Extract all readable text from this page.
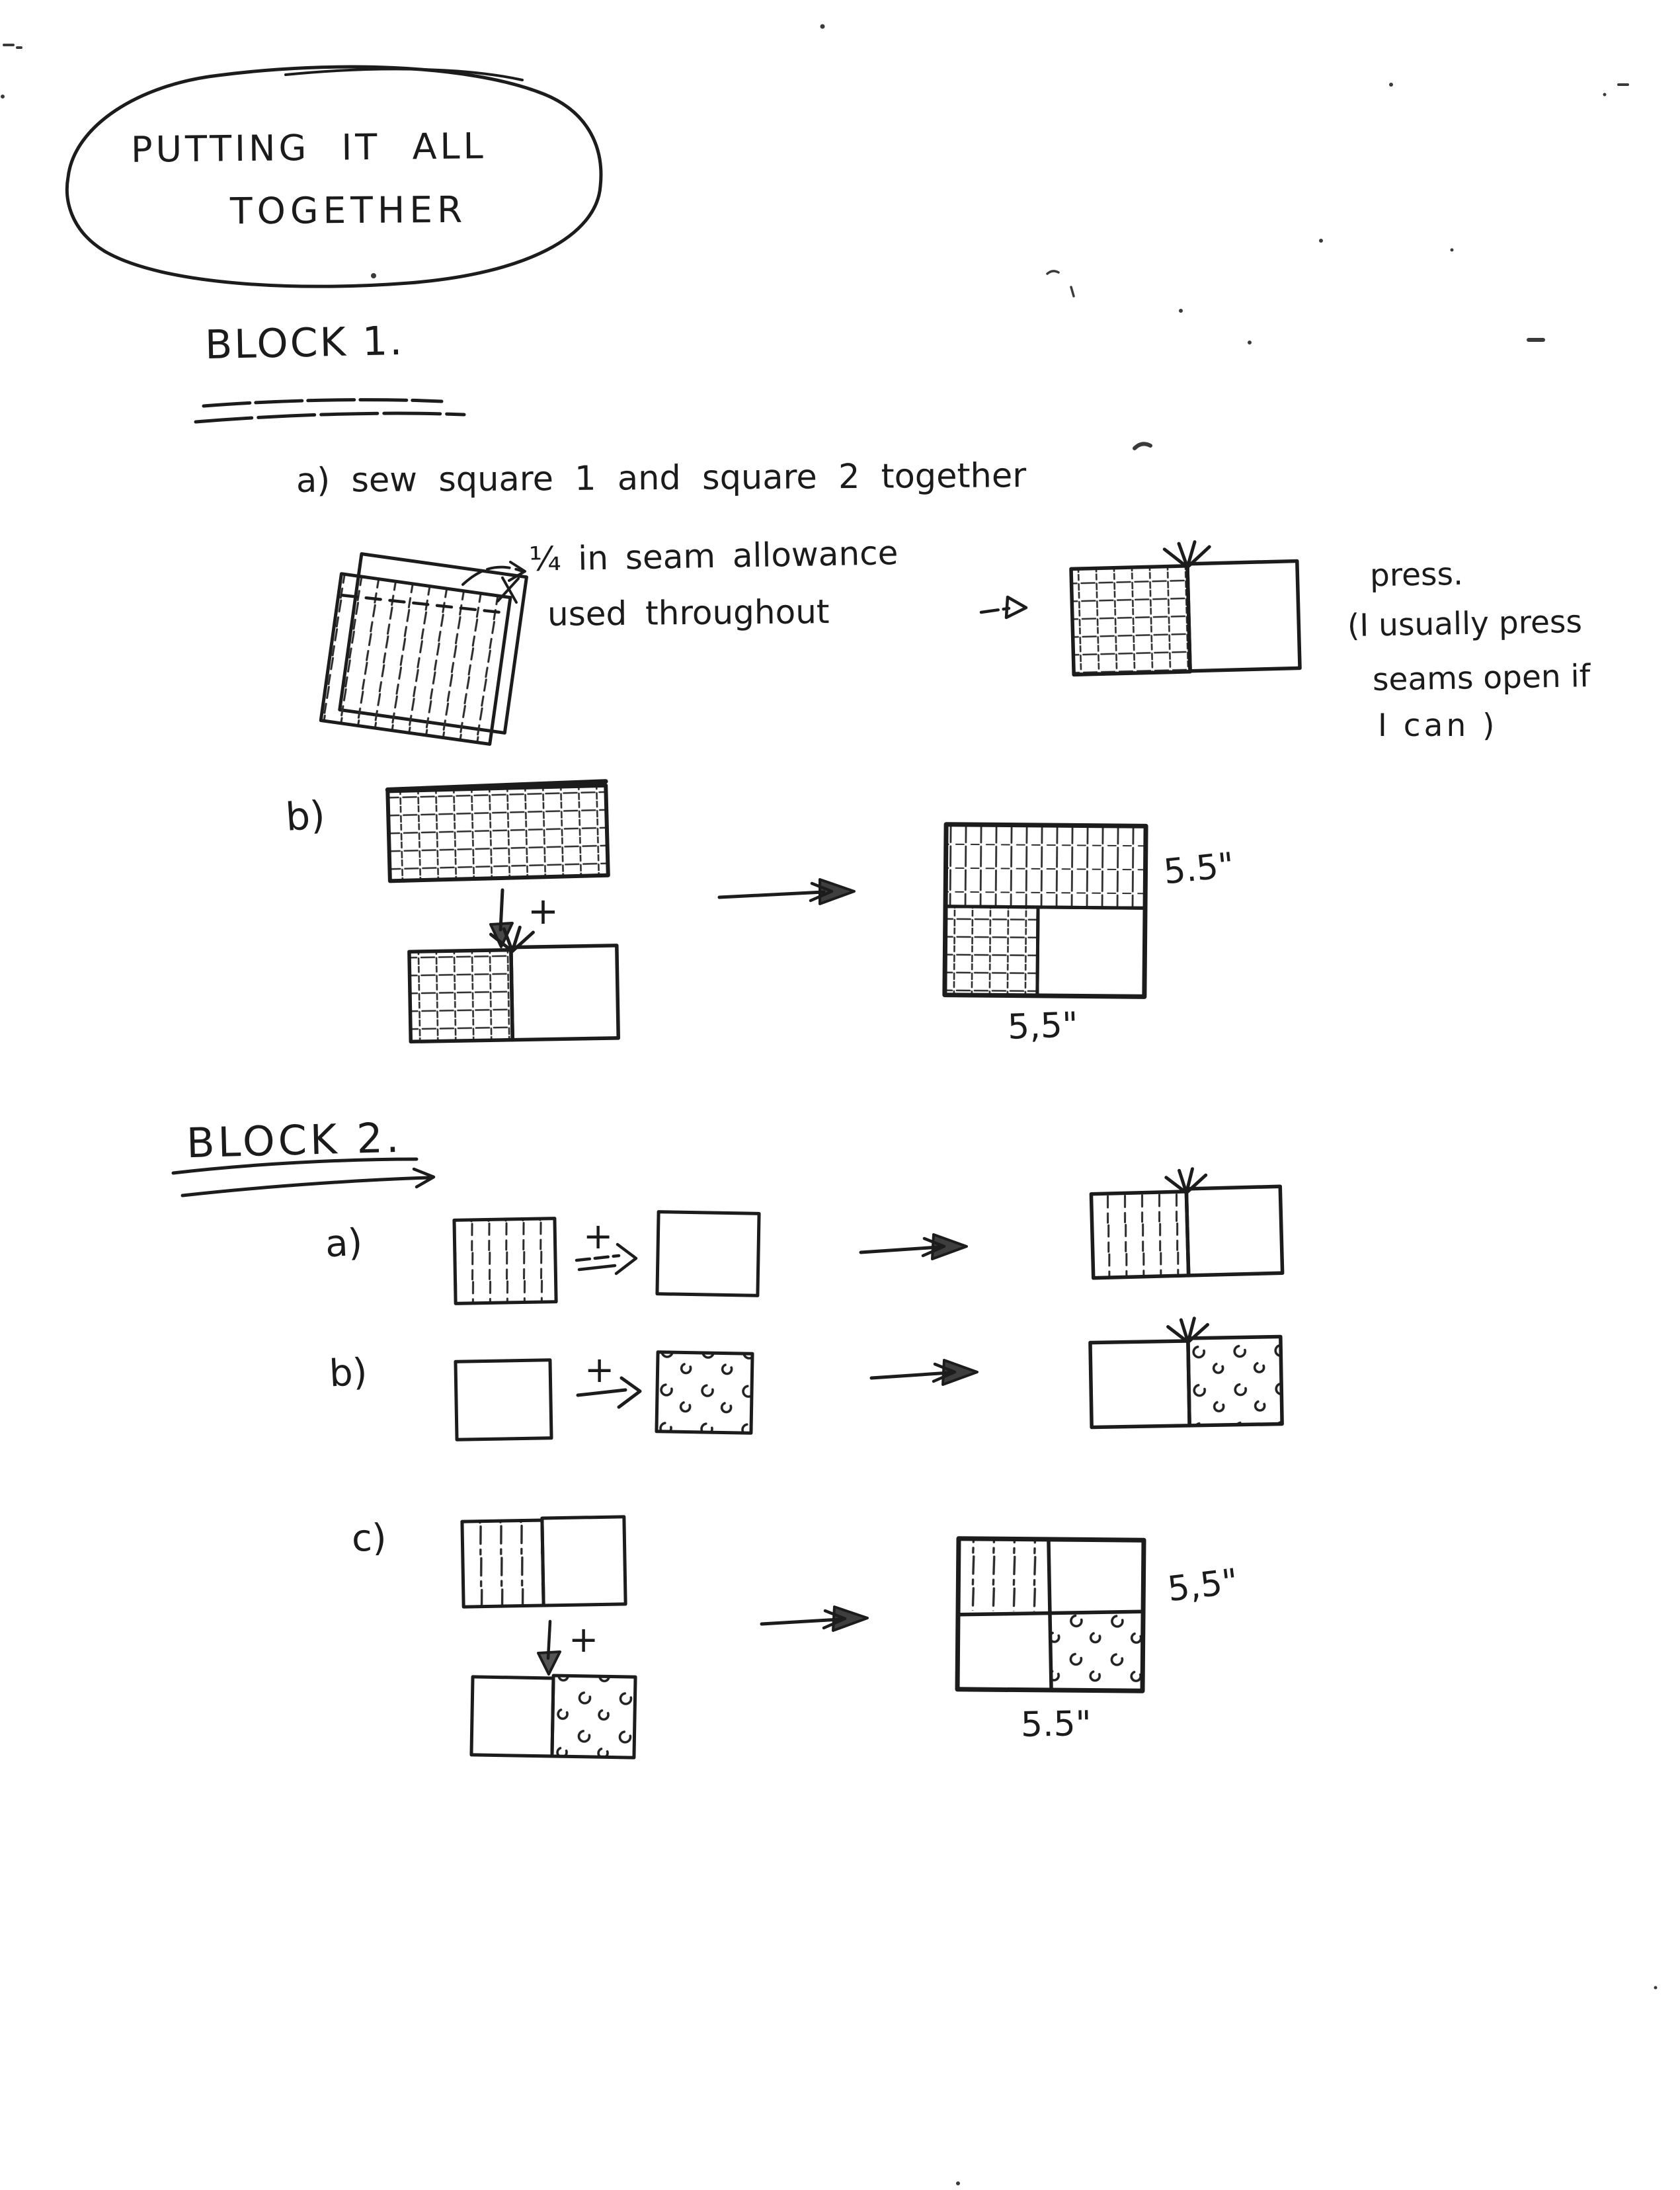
PUTTING IT ALL
TOGETHER
BLOCK 1.
a) sew square 1 and square 2 together
¼ in seam allowance
used throughout
press.
(I usually press
seams open if
I can )
b)
+
5.5"
5,5"
BLOCK 2.
a)	+
b)	+
c)
+
5,5"
5.5"
